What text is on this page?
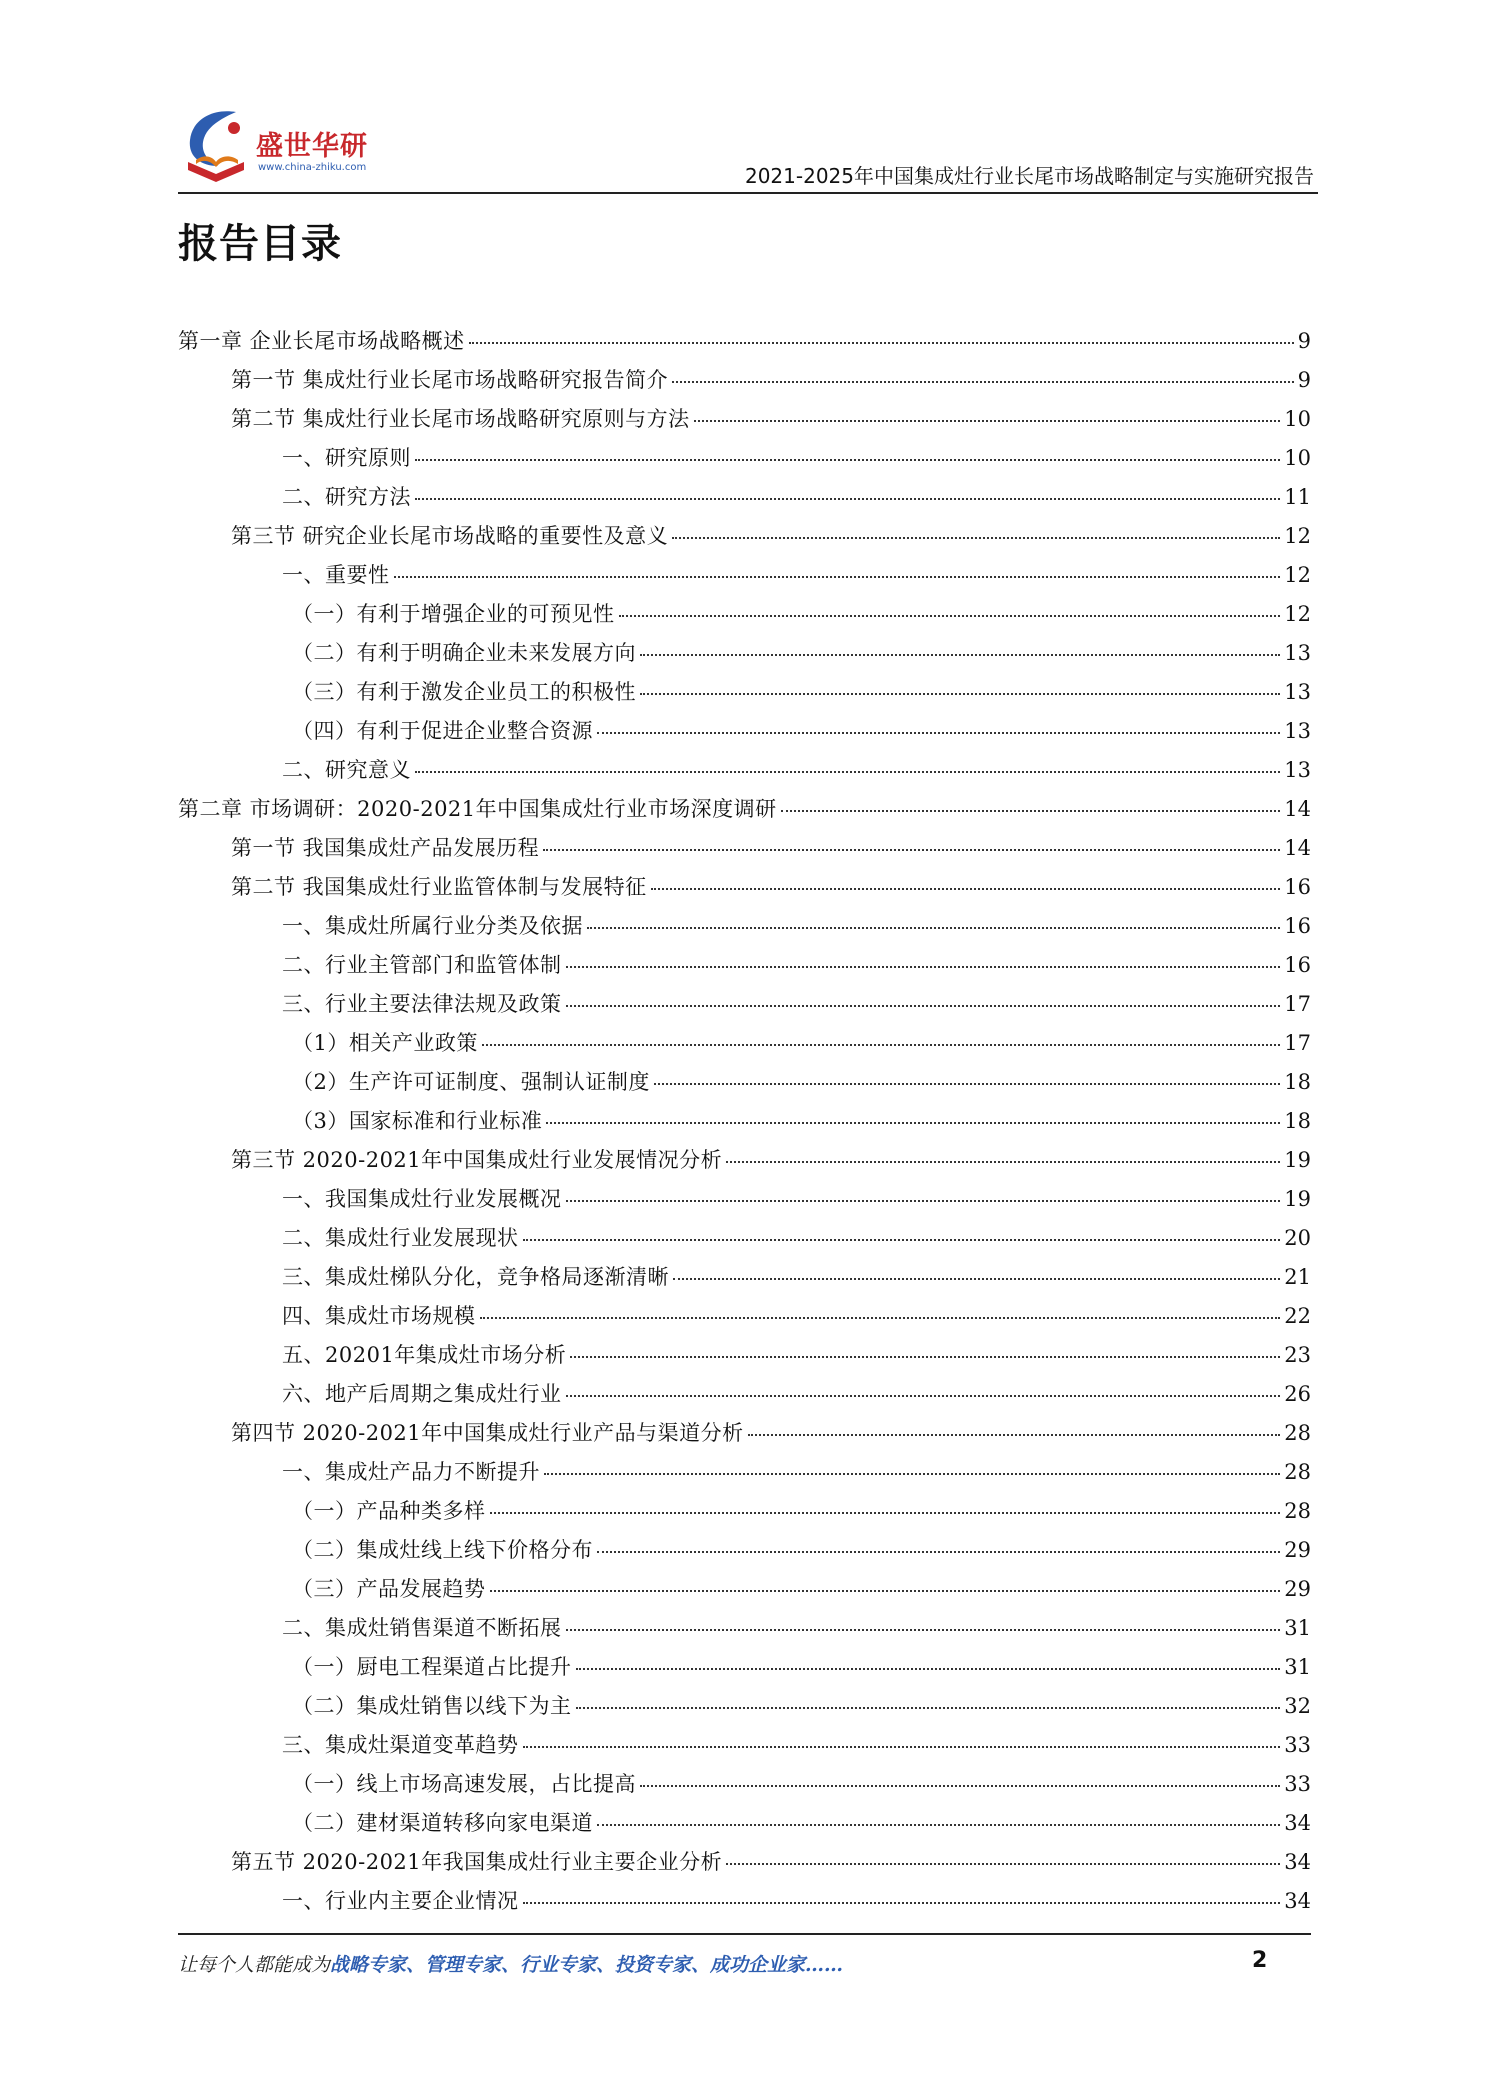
盛世华研
www.china-zhiku.com	2021-2025年中国集成灶行业长尾市场战略制定与实施研究报告
报告目录
第一章 企业长尾市场战略概述	9
第一节 集成灶行业长尾市场战略研究报告简介	9
第二节 集成灶行业长尾市场战略研究原则与方法	10
一、研究原则	10
二、研究方法	11
第三节 研究企业长尾市场战略的重要性及意义	12
一、重要性	12
（一）有利于增强企业的可预见性	12
（二）有利于明确企业未来发展方向	13
（三）有利于激发企业员工的积极性	13
（四）有利于促进企业整合资源	13
二、研究意义	13
第二章 市场调研：2020-2021年中国集成灶行业市场深度调研	14
第一节 我国集成灶产品发展历程	14
第二节 我国集成灶行业监管体制与发展特征	16
一、集成灶所属行业分类及依据	16
二、行业主管部门和监管体制	16
三、行业主要法律法规及政策	17
（1）相关产业政策	17
（2）生产许可证制度、强制认证制度	18
（3）国家标准和行业标准	18
第三节 2020-2021年中国集成灶行业发展情况分析	19
一、我国集成灶行业发展概况	19
二、集成灶行业发展现状	20
三、集成灶梯队分化，竞争格局逐渐清晰	21
四、集成灶市场规模	22
五、20201年集成灶市场分析	23
六、地产后周期之集成灶行业	26
第四节 2020-2021年中国集成灶行业产品与渠道分析	28
一、集成灶产品力不断提升	28
（一）产品种类多样	28
（二）集成灶线上线下价格分布	29
（三）产品发展趋势	29
二、集成灶销售渠道不断拓展	31
（一）厨电工程渠道占比提升	31
（二）集成灶销售以线下为主	32
三、集成灶渠道变革趋势	33
（一）线上市场高速发展，占比提高	33
（二）建材渠道转移向家电渠道	34
第五节 2020-2021年我国集成灶行业主要企业分析	34
一、行业内主要企业情况	34
让每个人都能成为战略专家、管理专家、行业专家、投资专家、成功企业家……	2
